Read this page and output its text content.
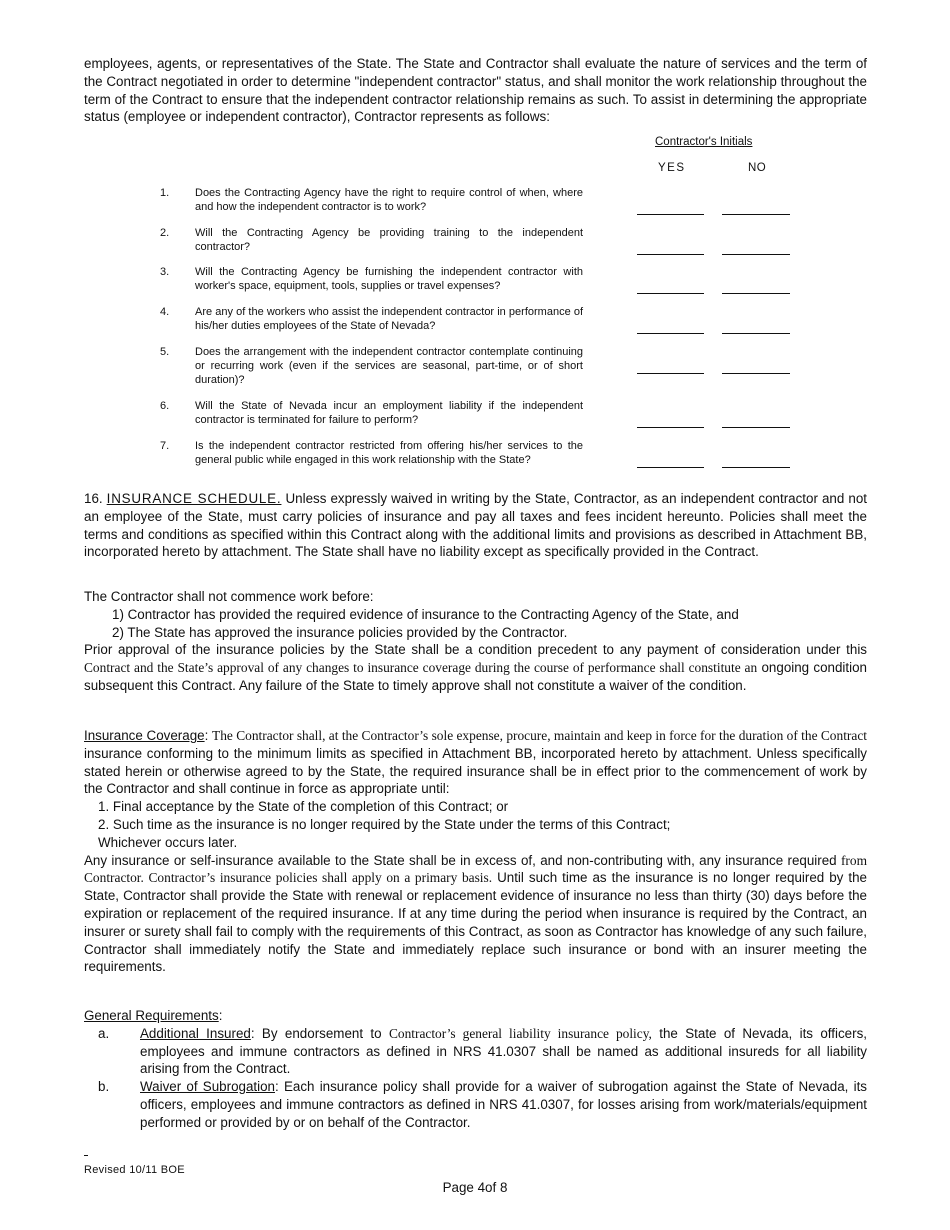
employees, agents, or representatives of the State. The State and Contractor shall evaluate the nature of services and the term of the Contract negotiated in order to determine "independent contractor" status, and shall monitor the work relationship throughout the term of the Contract to ensure that the independent contractor relationship remains as such. To assist in determining the appropriate status (employee or independent contractor), Contractor represents as follows:

Contractor's Initials
YES	NO
1. Does the Contracting Agency have the right to require control of when, where and how the independent contractor is to work?
2. Will the Contracting Agency be providing training to the independent contractor?
3. Will the Contracting Agency be furnishing the independent contractor with worker's space, equipment, tools, supplies or travel expenses?
4. Are any of the workers who assist the independent contractor in performance of his/her duties employees of the State of Nevada?
5. Does the arrangement with the independent contractor contemplate continuing or recurring work (even if the services are seasonal, part-time, or of short duration)?
6. Will the State of Nevada incur an employment liability if the independent contractor is terminated for failure to perform?
7. Is the independent contractor restricted from offering his/her services to the general public while engaged in this work relationship with the State?

16. INSURANCE SCHEDULE. Unless expressly waived in writing by the State, Contractor, as an independent contractor and not an employee of the State, must carry policies of insurance and pay all taxes and fees incident hereunto. Policies shall meet the terms and conditions as specified within this Contract along with the additional limits and provisions as described in Attachment BB, incorporated hereto by attachment. The State shall have no liability except as specifically provided in the Contract.

The Contractor shall not commence work before:

1) Contractor has provided the required evidence of insurance to the Contracting Agency of the State, and

2) The State has approved the insurance policies provided by the Contractor.

Prior approval of the insurance policies by the State shall be a condition precedent to any payment of consideration under this Contract and the State’s approval of any changes to insurance coverage during the course of performance shall constitute an ongoing condition subsequent this Contract. Any failure of the State to timely approve shall not constitute a waiver of the condition.

Insurance Coverage: The Contractor shall, at the Contractor’s sole expense, procure, maintain and keep in force for the duration of the Contract insurance conforming to the minimum limits as specified in Attachment BB, incorporated hereto by attachment. Unless specifically stated herein or otherwise agreed to by the State, the required insurance shall be in effect prior to the commencement of work by the Contractor and shall continue in force as appropriate until:

1. Final acceptance by the State of the completion of this Contract; or

2. Such time as the insurance is no longer required by the State under the terms of this Contract;

Whichever occurs later.

Any insurance or self-insurance available to the State shall be in excess of, and non-contributing with, any insurance required from Contractor. Contractor’s insurance policies shall apply on a primary basis. Until such time as the insurance is no longer required by the State, Contractor shall provide the State with renewal or replacement evidence of insurance no less than thirty (30) days before the expiration or replacement of the required insurance. If at any time during the period when insurance is required by the Contract, an insurer or surety shall fail to comply with the requirements of this Contract, as soon as Contractor has knowledge of any such failure, Contractor shall immediately notify the State and immediately replace such insurance or bond with an insurer meeting the requirements.

General Requirements:

a.	Additional Insured: By endorsement to Contractor’s general liability insurance policy, the State of Nevada, its officers, employees and immune contractors as defined in NRS 41.0307 shall be named as additional insureds for all liability arising from the Contract.
b.	Waiver of Subrogation: Each insurance policy shall provide for a waiver of subrogation against the State of Nevada, its officers, employees and immune contractors as defined in NRS 41.0307, for losses arising from work/materials/equipment performed or provided by or on behalf of the Contractor.
Revised 10/11 BOE
Page 4of 8
